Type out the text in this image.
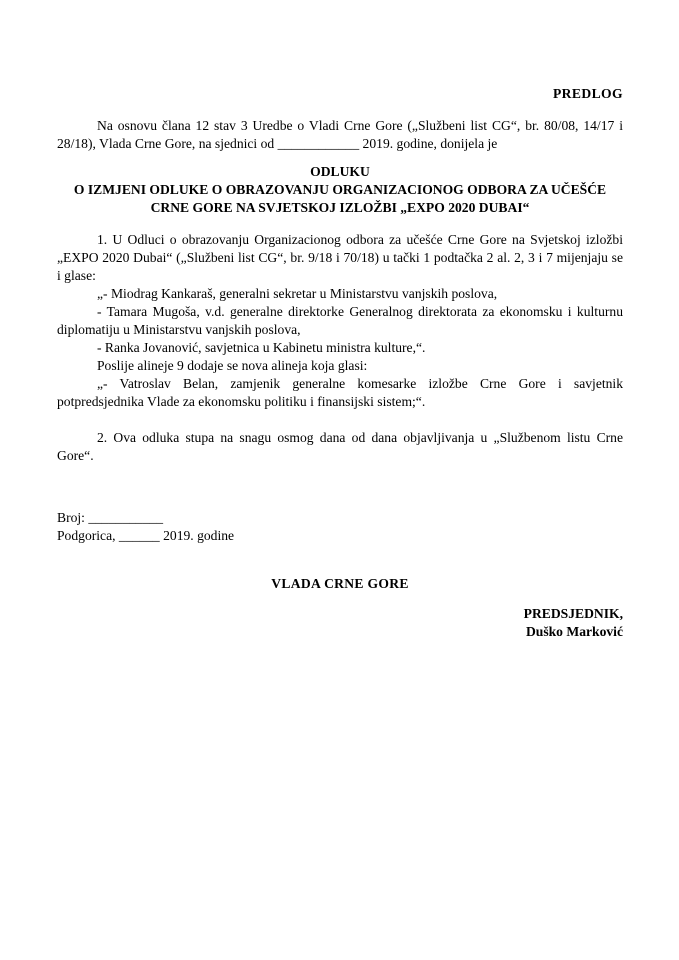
PREDLOG

Na osnovu člana 12 stav 3 Uredbe o Vladi Crne Gore („Službeni list CG“, br. 80/08, 14/17 i 28/18), Vlada Crne Gore, na sjednici od ____________ 2019. godine, donijela je

ODLUKU
O IZMJENI ODLUKE O OBRAZOVANJU ORGANIZACIONOG ODBORA ZA UČEŠĆE CRNE GORE NA SVJETSKOJ IZLOŽBI „EXPO 2020 DUBAI“

1. U Odluci o obrazovanju Organizacionog odbora za učešće Crne Gore na Svjetskoj izložbi „EXPO 2020 Dubai“ („Službeni list CG“, br. 9/18 i 70/18) u tački 1 podtačka 2 al. 2, 3 i 7 mijenjaju se i glase:

„- Miodrag Kankaraš, generalni sekretar u Ministarstvu vanjskih poslova,

- Tamara Mugoša, v.d. generalne direktorke Generalnog direktorata za ekonomsku i kulturnu diplomatiju u Ministarstvu vanjskih poslova,

- Ranka Jovanović, savjetnica u Kabinetu ministra kulture,“.

Poslije alineje 9 dodaje se nova alineja koja glasi:

„- Vatroslav Belan, zamjenik generalne komesarke izložbe Crne Gore i savjetnik potpredsjednika Vlade za ekonomsku politiku i finansijski sistem;“.

2. Ova odluka stupa na snagu osmog dana od dana objavljivanja u „Službenom listu Crne Gore“.

Broj: ___________
Podgorica, ______ 2019. godine
VLADA CRNE GORE
PREDSJEDNIK,
Duško Marković
